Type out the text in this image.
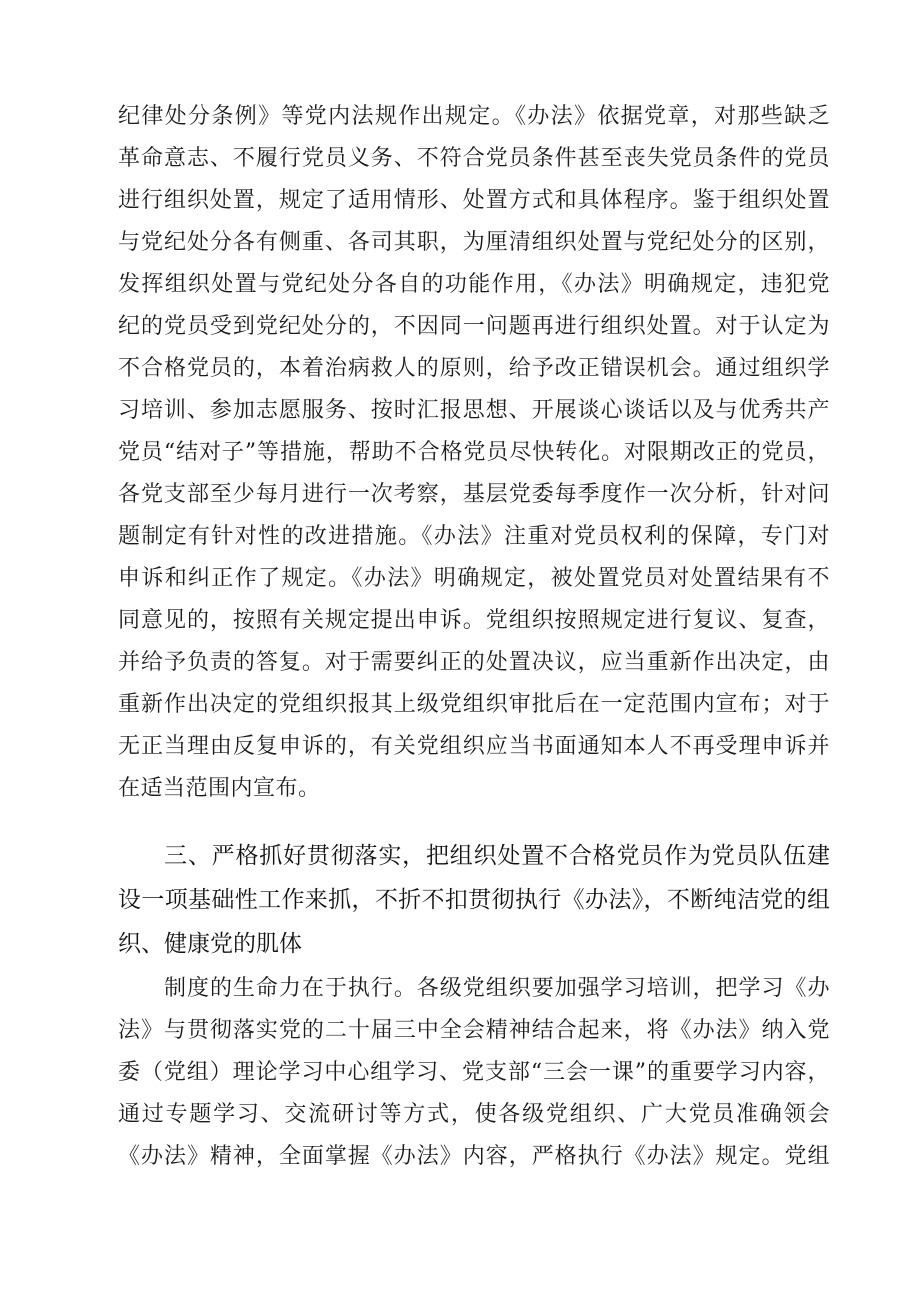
纪律处分条例》等党内法规作出规定。《办法》依据党章，对那些缺乏
革命意志、不履行党员义务、不符合党员条件甚至丧失党员条件的党员
进行组织处置，规定了适用情形、处置方式和具体程序。鉴于组织处置
与党纪处分各有侧重、各司其职，为厘清组织处置与党纪处分的区别，
发挥组织处置与党纪处分各自的功能作用，《办法》明确规定，违犯党
纪的党员受到党纪处分的，不因同一问题再进行组织处置。对于认定为
不合格党员的，本着治病救人的原则，给予改正错误机会。通过组织学
习培训、参加志愿服务、按时汇报思想、开展谈心谈话以及与优秀共产
党员“结对子”等措施，帮助不合格党员尽快转化。对限期改正的党员，
各党支部至少每月进行一次考察，基层党委每季度作一次分析，针对问
题制定有针对性的改进措施。《办法》注重对党员权利的保障，专门对
申诉和纠正作了规定。《办法》明确规定，被处置党员对处置结果有不
同意见的，按照有关规定提出申诉。党组织按照规定进行复议、复查，
并给予负责的答复。对于需要纠正的处置决议，应当重新作出决定，由
重新作出决定的党组织报其上级党组织审批后在一定范围内宣布；对于
无正当理由反复申诉的，有关党组织应当书面通知本人不再受理申诉并
在适当范围内宣布。
三、严格抓好贯彻落实，把组织处置不合格党员作为党员队伍建
设一项基础性工作来抓，不折不扣贯彻执行《办法》，不断纯洁党的组
织、健康党的肌体
制度的生命力在于执行。各级党组织要加强学习培训，把学习《办
法》与贯彻落实党的二十届三中全会精神结合起来，将《办法》纳入党
委（党组）理论学习中心组学习、党支部“三会一课”的重要学习内容，
通过专题学习、交流研讨等方式，使各级党组织、广大党员准确领会
《办法》精神，全面掌握《办法》内容，严格执行《办法》规定。党组
